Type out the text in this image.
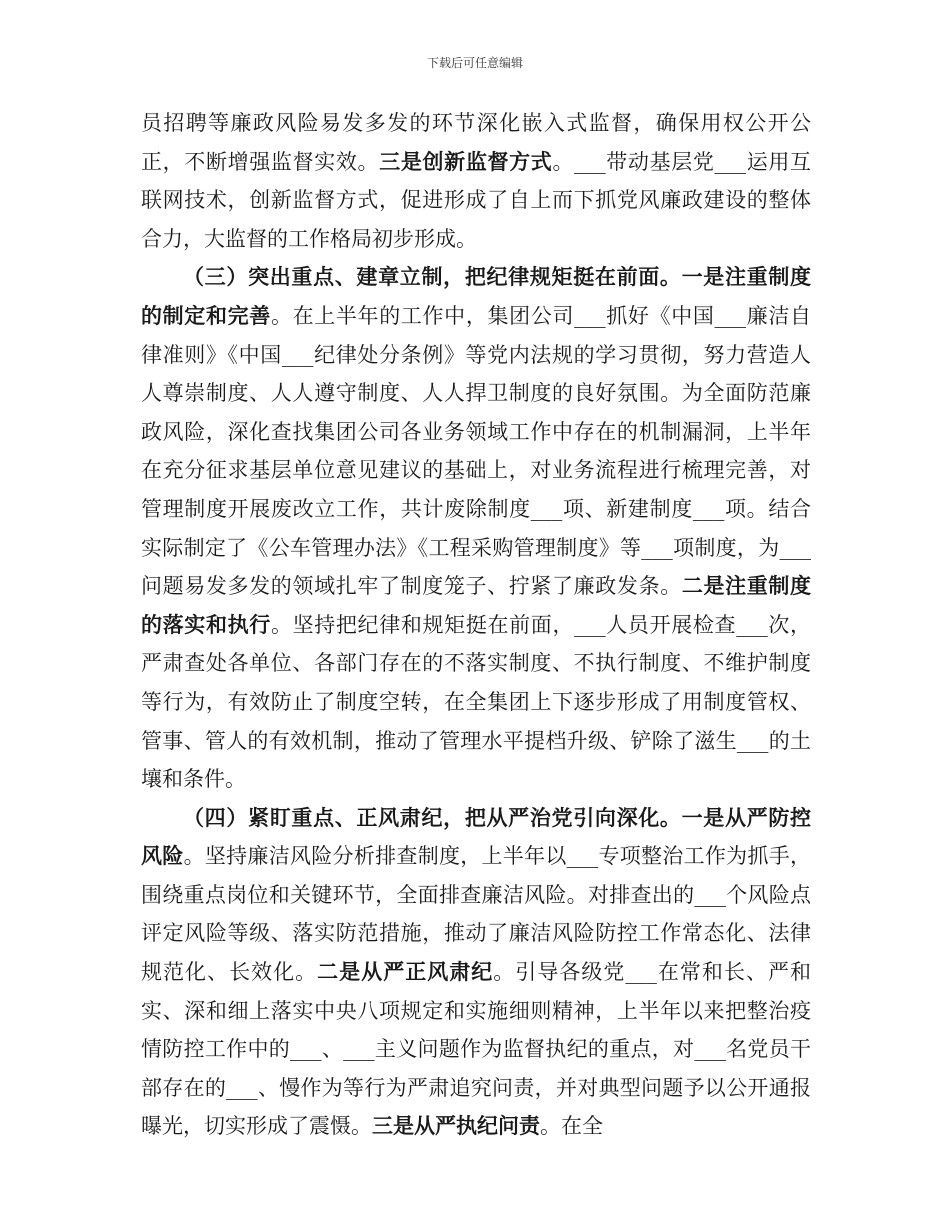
下载后可任意编辑

员招聘等廉政风险易发多发的环节深化嵌入式监督，确保用权公开公正，不断增强监督实效。三是创新监督方式。___带动基层党___运用互联网技术，创新监督方式，促进形成了自上而下抓党风廉政建设的整体合力，大监督的工作格局初步形成。

（三）突出重点、建章立制，把纪律规矩挺在前面。一是注重制度的制定和完善。在上半年的工作中，集团公司___抓好《中国___廉洁自律准则》《中国___纪律处分条例》等党内法规的学习贯彻，努力营造人人尊崇制度、人人遵守制度、人人捍卫制度的良好氛围。为全面防范廉政风险，深化查找集团公司各业务领域工作中存在的机制漏洞，上半年在充分征求基层单位意见建议的基础上，对业务流程进行梳理完善，对管理制度开展废改立工作，共计废除制度___项、新建制度___项。结合实际制定了《公车管理办法》《工程采购管理制度》等___项制度，为___问题易发多发的领域扎牢了制度笼子、拧紧了廉政发条。二是注重制度的落实和执行。坚持把纪律和规矩挺在前面，___人员开展检查___次，严肃查处各单位、各部门存在的不落实制度、不执行制度、不维护制度等行为，有效防止了制度空转，在全集团上下逐步形成了用制度管权、管事、管人的有效机制，推动了管理水平提档升级、铲除了滋生___的土壤和条件。

（四）紧盯重点、正风肃纪，把从严治党引向深化。一是从严防控风险。坚持廉洁风险分析排查制度，上半年以___专项整治工作为抓手，围绕重点岗位和关键环节，全面排查廉洁风险。对排查出的___个风险点评定风险等级、落实防范措施，推动了廉洁风险防控工作常态化、法律规范化、长效化。二是从严正风肃纪。引导各级党___在常和长、严和实、深和细上落实中央八项规定和实施细则精神，上半年以来把整治疫情防控工作中的___、___主义问题作为监督执纪的重点，对___名党员干部存在的___、慢作为等行为严肃追究问责，并对典型问题予以公开通报曝光，切实形成了震慑。三是从严执纪问责。在全
